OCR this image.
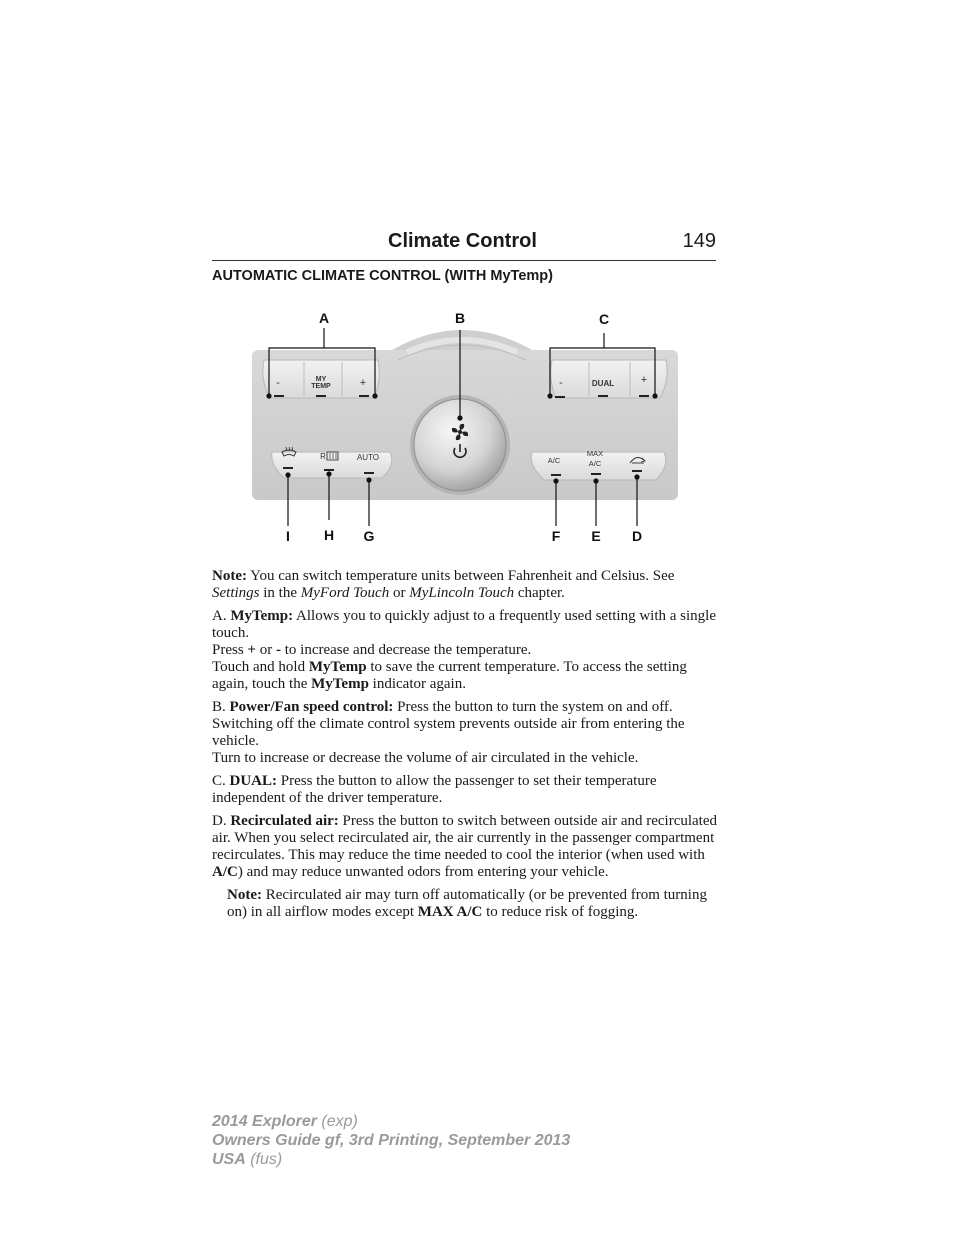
Climate Control	149
AUTOMATIC CLIMATE CONTROL (WITH MyTemp)
-	MY
TEMP	+
R	AUTO
-	DUAL +
A/C
MAX
A/C
A	B	C
D
E
F
G
H
I

Note: You can switch temperature units between Fahrenheit and Celsius. See Settings in the MyFord Touch or MyLincoln Touch chapter.

A. MyTemp: Allows you to quickly adjust to a frequently used setting with a single touch.
Press + or - to increase and decrease the temperature.
Touch and hold MyTemp to save the current temperature. To access the setting again, touch the MyTemp indicator again.

B. Power/Fan speed control: Press the button to turn the system on and off. Switching off the climate control system prevents outside air from entering the vehicle.
Turn to increase or decrease the volume of air circulated in the vehicle.

C. DUAL: Press the button to allow the passenger to set their temperature independent of the driver temperature.

D. Recirculated air: Press the button to switch between outside air and recirculated air. When you select recirculated air, the air currently in the passenger compartment recirculates. This may reduce the time needed to cool the interior (when used with A/C) and may reduce unwanted odors from entering your vehicle.

Note: Recirculated air may turn off automatically (or be prevented from turning on) in all airflow modes except MAX A/C to reduce risk of fogging.

2014 Explorer (exp)
Owners Guide gf, 3rd Printing, September 2013
USA (fus)
